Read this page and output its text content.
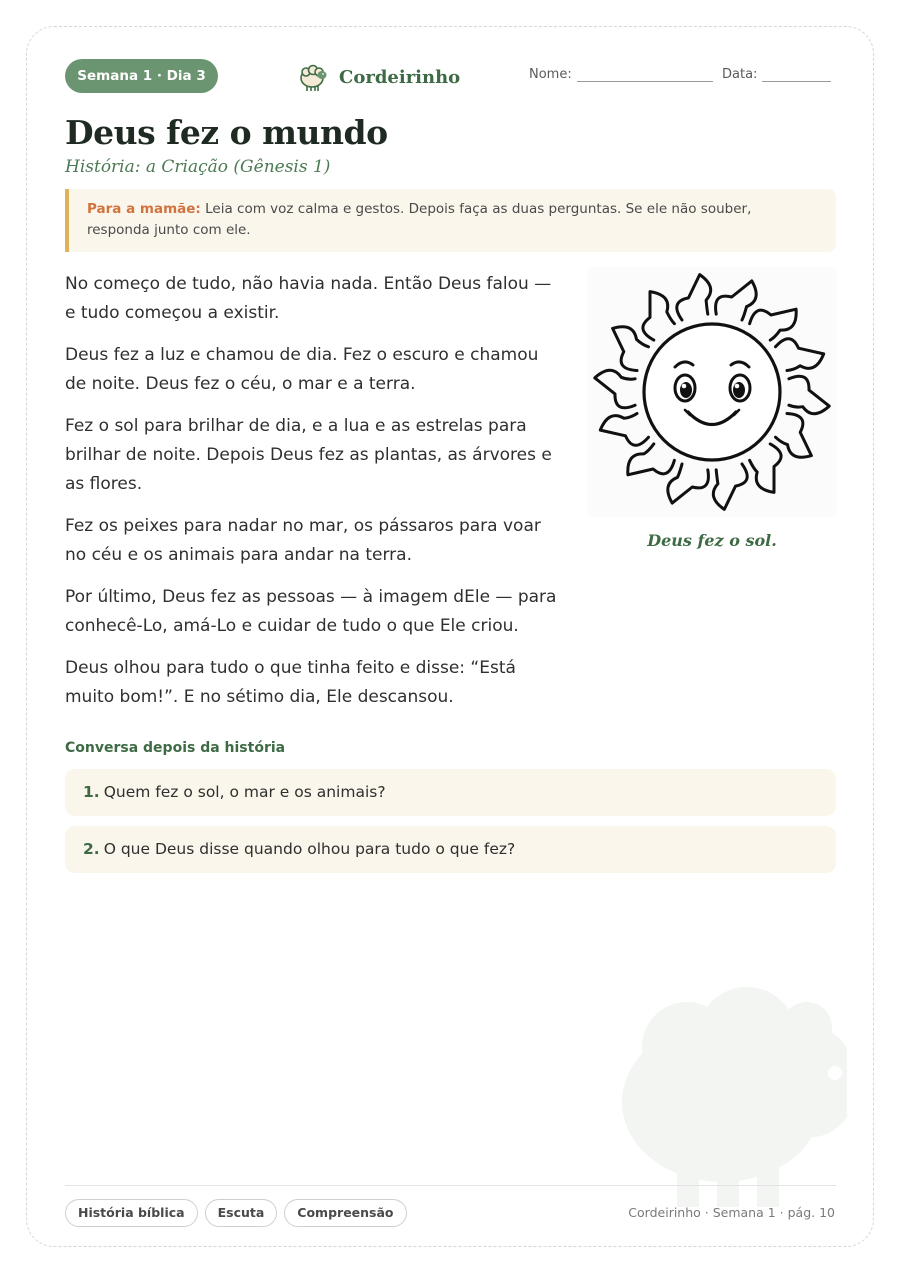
Semana 1 · Dia 3	Cordeirinho	Nome:	Data:
Deus fez o mundo
História: a Criação (Gênesis 1)
Para a mamãe: Leia com voz calma e gestos. Depois faça as duas perguntas. Se ele não souber, responda junto com ele.

No começo de tudo, não havia nada. Então Deus falou — e tudo começou a existir.

Deus fez a luz e chamou de dia. Fez o escuro e chamou de noite. Deus fez o céu, o mar e a terra.

Fez o sol para brilhar de dia, e a lua e as estrelas para brilhar de noite. Depois Deus fez as plantas, as árvores e as flores.

Fez os peixes para nadar no mar, os pássaros para voar no céu e os animais para andar na terra.

Por último, Deus fez as pessoas — à imagem dEle — para conhecê-Lo, amá-Lo e cuidar de tudo o que Ele criou.

Deus olhou para tudo o que tinha feito e disse: “Está muito bom!”. E no sétimo dia, Ele descansou.

Deus fez o sol.
Conversa depois da história
1. Quem fez o sol, o mar e os animais?
2. O que Deus disse quando olhou para tudo o que fez?
História bíblica	Escuta	Compreensão	Cordeirinho · Semana 1 · pág. 10
